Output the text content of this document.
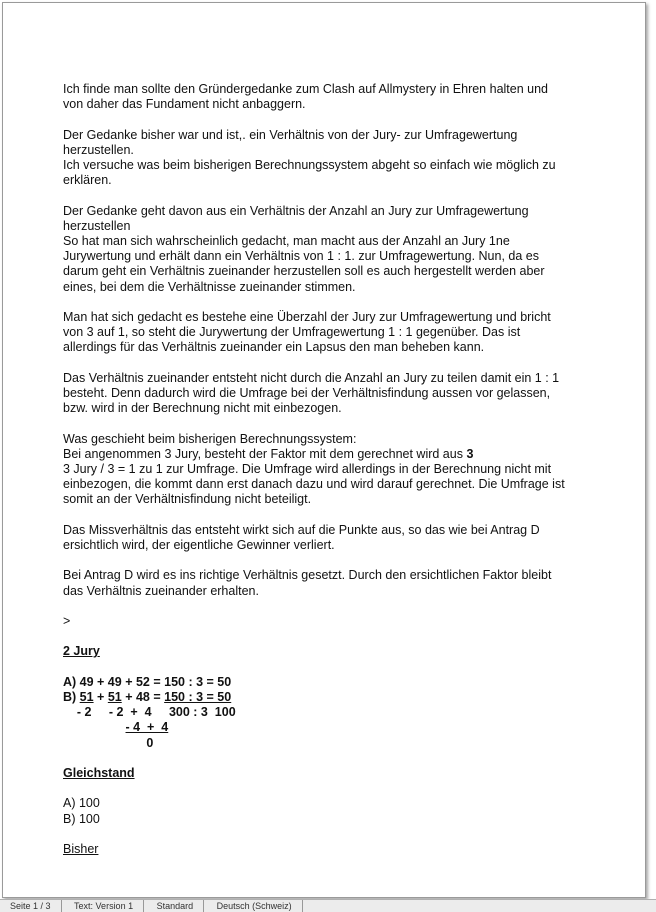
Ich finde man sollte den Gründergedanke zum Clash auf Allmystery in Ehren halten und
von daher das Fundament nicht anbaggern.

Der Gedanke bisher war und ist,. ein Verhältnis von der Jury- zur Umfragewertung
herzustellen.
Ich versuche was beim bisherigen Berechnungssystem abgeht so einfach wie möglich zu
erklären.

Der Gedanke geht davon aus ein Verhältnis der Anzahl an Jury zur Umfragewertung
herzustellen
So hat man sich wahrscheinlich gedacht, man macht aus der Anzahl an Jury 1ne
Jurywertung und erhält dann ein Verhältnis von 1 : 1. zur Umfragewertung. Nun, da es
darum geht ein Verhältnis zueinander herzustellen soll es auch hergestellt werden aber
eines, bei dem die Verhältnisse zueinander stimmen.

Man hat sich gedacht es bestehe eine Überzahl der Jury zur Umfragewertung und bricht
von 3 auf 1, so steht die Jurywertung der Umfragewertung 1 : 1 gegenüber. Das ist
allerdings für das Verhältnis zueinander ein Lapsus den man beheben kann.

Das Verhältnis zueinander entsteht nicht durch die Anzahl an Jury zu teilen damit ein 1 : 1
besteht. Denn dadurch wird die Umfrage bei der Verhältnisfindung aussen vor gelassen,
bzw. wird in der Berechnung nicht mit einbezogen.

Was geschieht beim bisherigen Berechnungssystem:
Bei angenommen 3 Jury, besteht der Faktor mit dem gerechnet wird aus 3
3 Jury / 3 = 1 zu 1 zur Umfrage. Die Umfrage wird allerdings in der Berechnung nicht mit
einbezogen, die kommt dann erst danach dazu und wird darauf gerechnet. Die Umfrage ist
somit an der Verhältnisfindung nicht beteiligt.

Das Missverhältnis das entsteht wirkt sich auf die Punkte aus, so das wie bei Antrag D
ersichtlich wird, der eigentliche Gewinner verliert.

Bei Antrag D wird es ins richtige Verhältnis gesetzt. Durch den ersichtlichen Faktor bleibt
das Verhältnis zueinander erhalten.

>

2 Jury

A) 49 + 49 + 52 = 150 : 3 = 50
B) 51 + 51 + 48 = 150 : 3 = 50
- 2     - 2  +  4     300 : 3  100
- 4  +  4
0

Gleichstand

A) 100
B) 100

Bisher

Seite 1 / 3	Text: Version 1	Standard	Deutsch (Schweiz)
